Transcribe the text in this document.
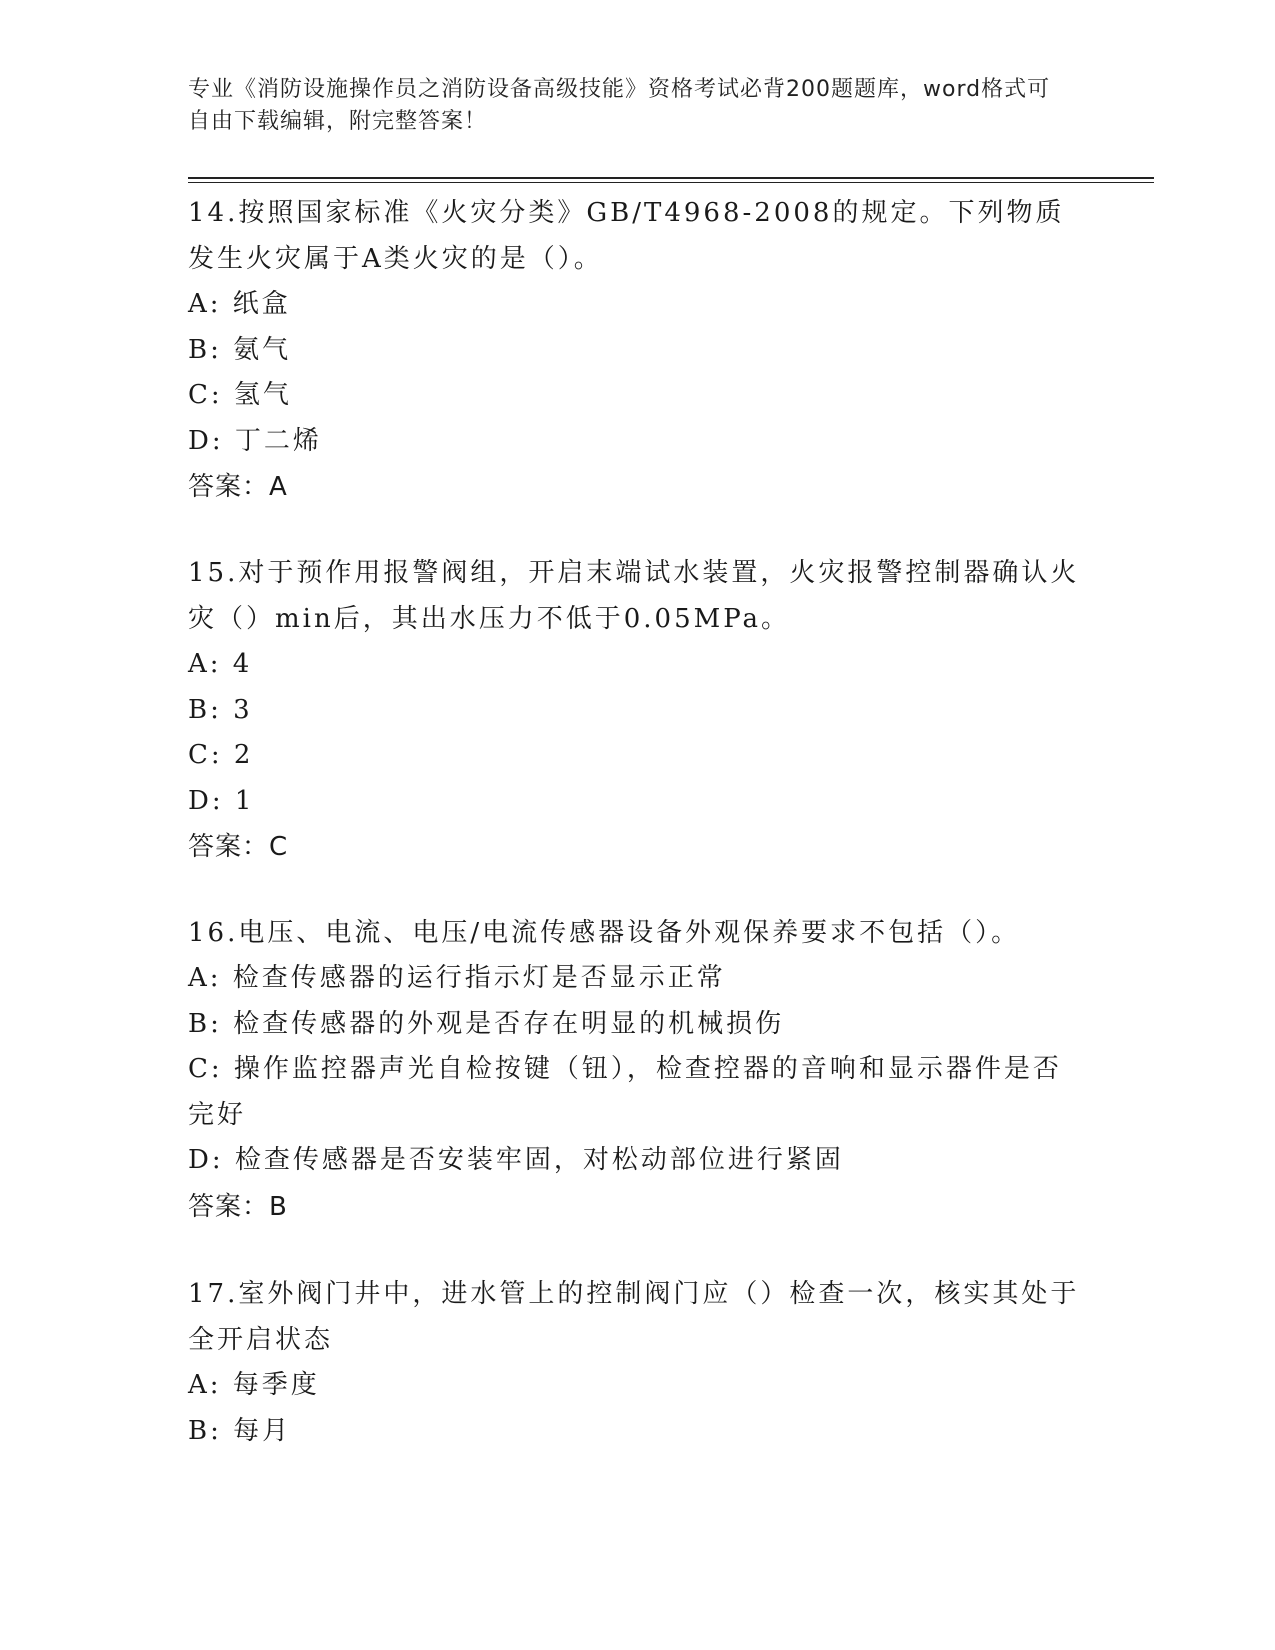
专业《消防设施操作员之消防设备高级技能》资格考试必背200题题库，word格式可自由下载编辑，附完整答案！

14.按照国家标准《火灾分类》GB/T4968-2008的规定。下列物质发生火灾属于A类火灾的是（）。

A: 纸盒

B: 氨气

C: 氢气

D: 丁二烯

答案：A

15.对于预作用报警阀组，开启末端试水装置，火灾报警控制器确认火灾（）min后，其出水压力不低于0.05MPa。

A: 4

B: 3

C: 2

D: 1

答案：C

16.电压、电流、电压/电流传感器设备外观保养要求不包括（）。

A: 检查传感器的运行指示灯是否显示正常

B: 检查传感器的外观是否存在明显的机械损伤

C: 操作监控器声光自检按键（钮），检查控器的音响和显示器件是否完好

D: 检查传感器是否安装牢固，对松动部位进行紧固

答案：B

17.室外阀门井中，进水管上的控制阀门应（）检查一次，核实其处于全开启状态

A: 每季度

B: 每月
